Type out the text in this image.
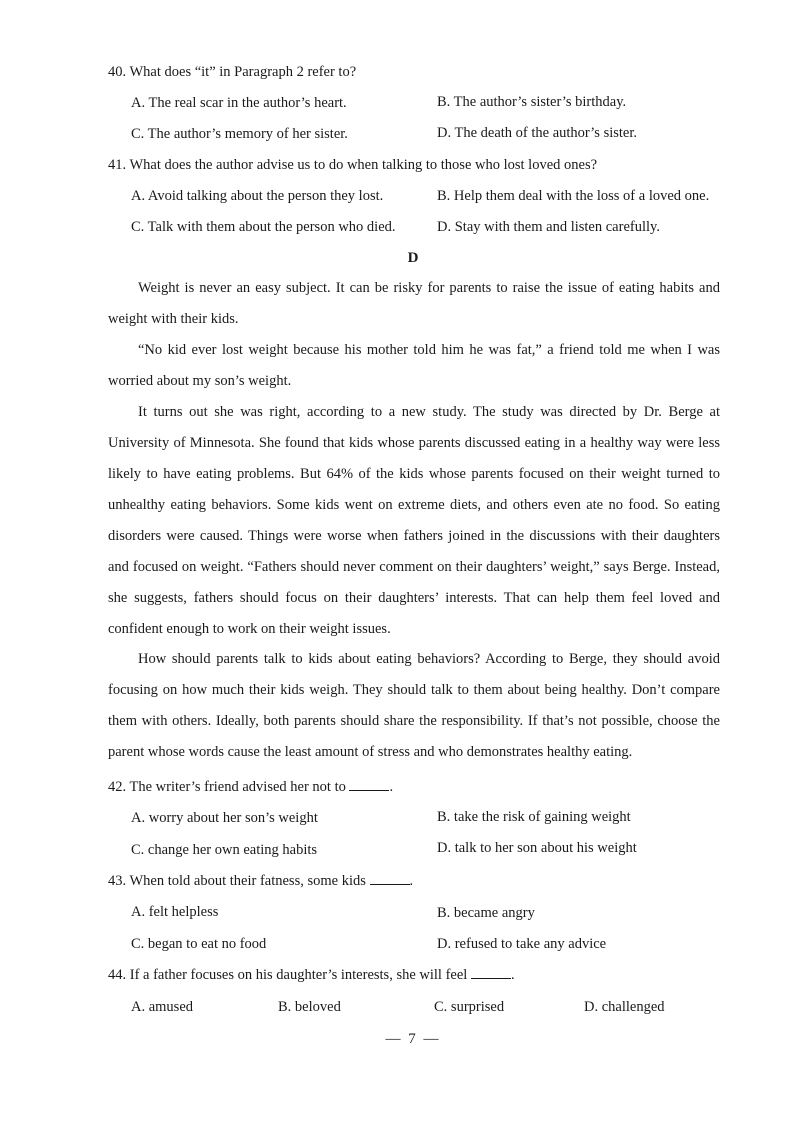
40. What does “it” in Paragraph 2 refer to?
A. The real scar in the author’s heart.	B. The author’s sister’s birthday.
C. The author’s memory of her sister.	D. The death of the author’s sister.
41. What does the author advise us to do when talking to those who lost loved ones?
A. Avoid talking about the person they lost.	B. Help them deal with the loss of a loved one.
C. Talk with them about the person who died.	D. Stay with them and listen carefully.
D

Weight is never an easy subject. It can be risky for parents to raise the issue of eating habits and weight with their kids.

“No kid ever lost weight because his mother told him he was fat,” a friend told me when I was worried about my son’s weight.

It turns out she was right, according to a new study. The study was directed by Dr. Berge at University of Minnesota. She found that kids whose parents discussed eating in a healthy way were less likely to have eating problems. But 64% of the kids whose parents focused on their weight turned to unhealthy eating behaviors. Some kids went on extreme diets, and others even ate no food. So eating disorders were caused. Things were worse when fathers joined in the discussions with their daughters and focused on weight. “Fathers should never comment on their daughters’ weight,” says Berge. Instead, she suggests, fathers should focus on their daughters’ interests. That can help them feel loved and confident enough to work on their weight issues.

How should parents talk to kids about eating behaviors? According to Berge, they should avoid focusing on how much their kids weigh. They should talk to them about being healthy. Don’t compare them with others. Ideally, both parents should share the responsibility. If that’s not possible, choose the parent whose words cause the least amount of stress and who demonstrates healthy eating.

42. The writer’s friend advised her not to	.
A. worry about her son’s weight	B. take the risk of gaining weight
C. change her own eating habits	D. talk to her son about his weight
43. When told about their fatness, some kids	.
A. felt helpless	B. became angry
C. began to eat no food	D. refused to take any advice
44. If a father focuses on his daughter’s interests, she will feel	.
A. amused	B. beloved	C. surprised	D. challenged
— 7 —
